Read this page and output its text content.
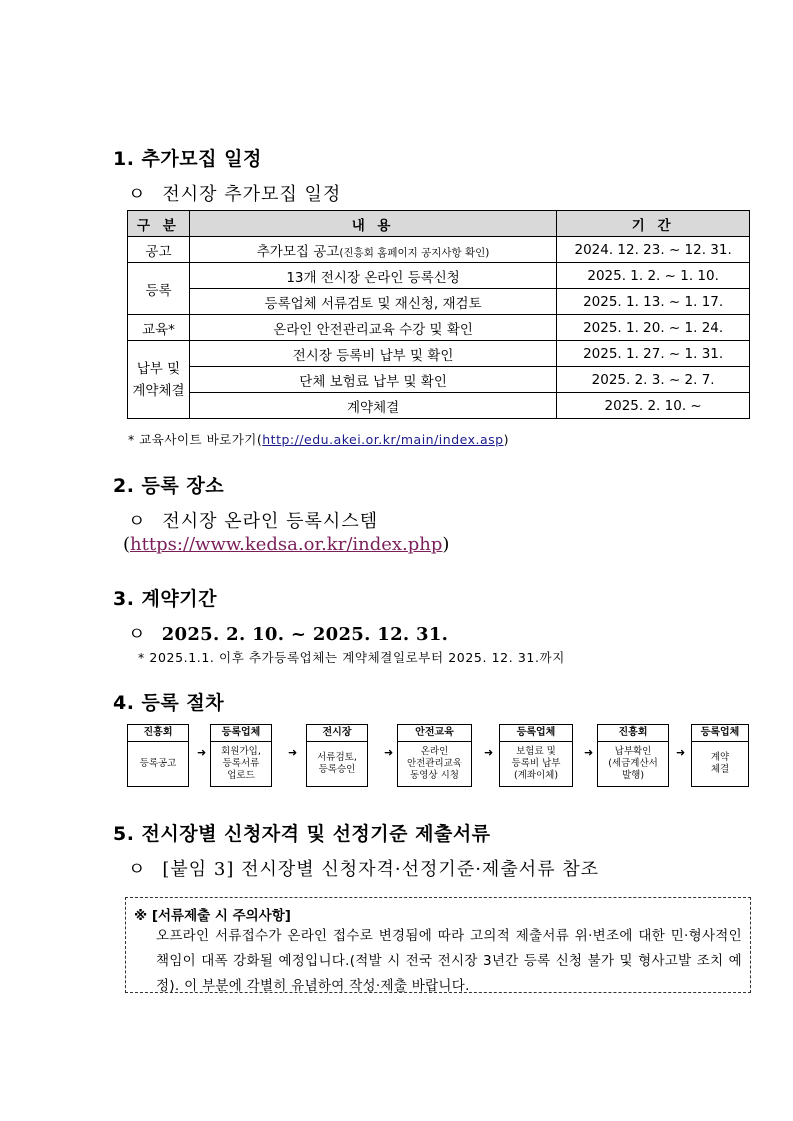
1. 추가모집 일정
ㅇ 전시장 추가모집 일정
구 분	내 용	기 간
공고	추가모집 공고(진흥회 홈페이지 공지사항 확인)	2024. 12. 23. ~ 12. 31.
등록	13개 전시장 온라인 등록신청	2025. 1. 2. ~ 1. 10.
	등록업체 서류검토 및 재신청, 재검토	2025. 1. 13. ~ 1. 17.
교육*	온라인 안전관리교육 수강 및 확인	2025. 1. 20. ~ 1. 24.
납부 및 계약체결	전시장 등록비 납부 및 확인	2025. 1. 27. ~ 1. 31.
	단체 보험료 납부 및 확인	2025. 2. 3. ~ 2. 7.
	계약체결	2025. 2. 10. ~
* 교육사이트 바로가기(http://edu.akei.or.kr/main/index.asp)
2. 등록 장소
ㅇ 전시장 온라인 등록시스템
(https://www.kedsa.or.kr/index.php)
3. 계약기간
ㅇ 2025. 2. 10. ~ 2025. 12. 31.
* 2025.1.1. 이후 추가등록업체는 계약체결일로부터 2025. 12. 31.까지
4. 등록 절차
진흥회
등록공고
➜
등록업체
회원가입,
등록서류
업로드
➜
전시장
서류검토,
등록승인
➜
안전교육
온라인
안전관리교육
동영상 시청
➜
등록업체
보험료 및
등록비 납부
(계좌이체)
➜
진흥회
납부확인
(세금계산서
발행)
➜
등록업체
계약
체결
5. 전시장별 신청자격 및 선정기준 제출서류
ㅇ [붙임 3] 전시장별 신청자격·선정기준·제출서류 참조
※ [서류제출 시 주의사항]
오프라인 서류접수가 온라인 접수로 변경됨에 따라 고의적 제출서류 위·변조에 대한 민·형사적인 책임이 대폭 강화될 예정입니다.(적발 시 전국 전시장 3년간 등록 신청 불가 및 형사고발 조치 예정). 이 부분에 각별히 유념하여 작성·제출 바랍니다.
